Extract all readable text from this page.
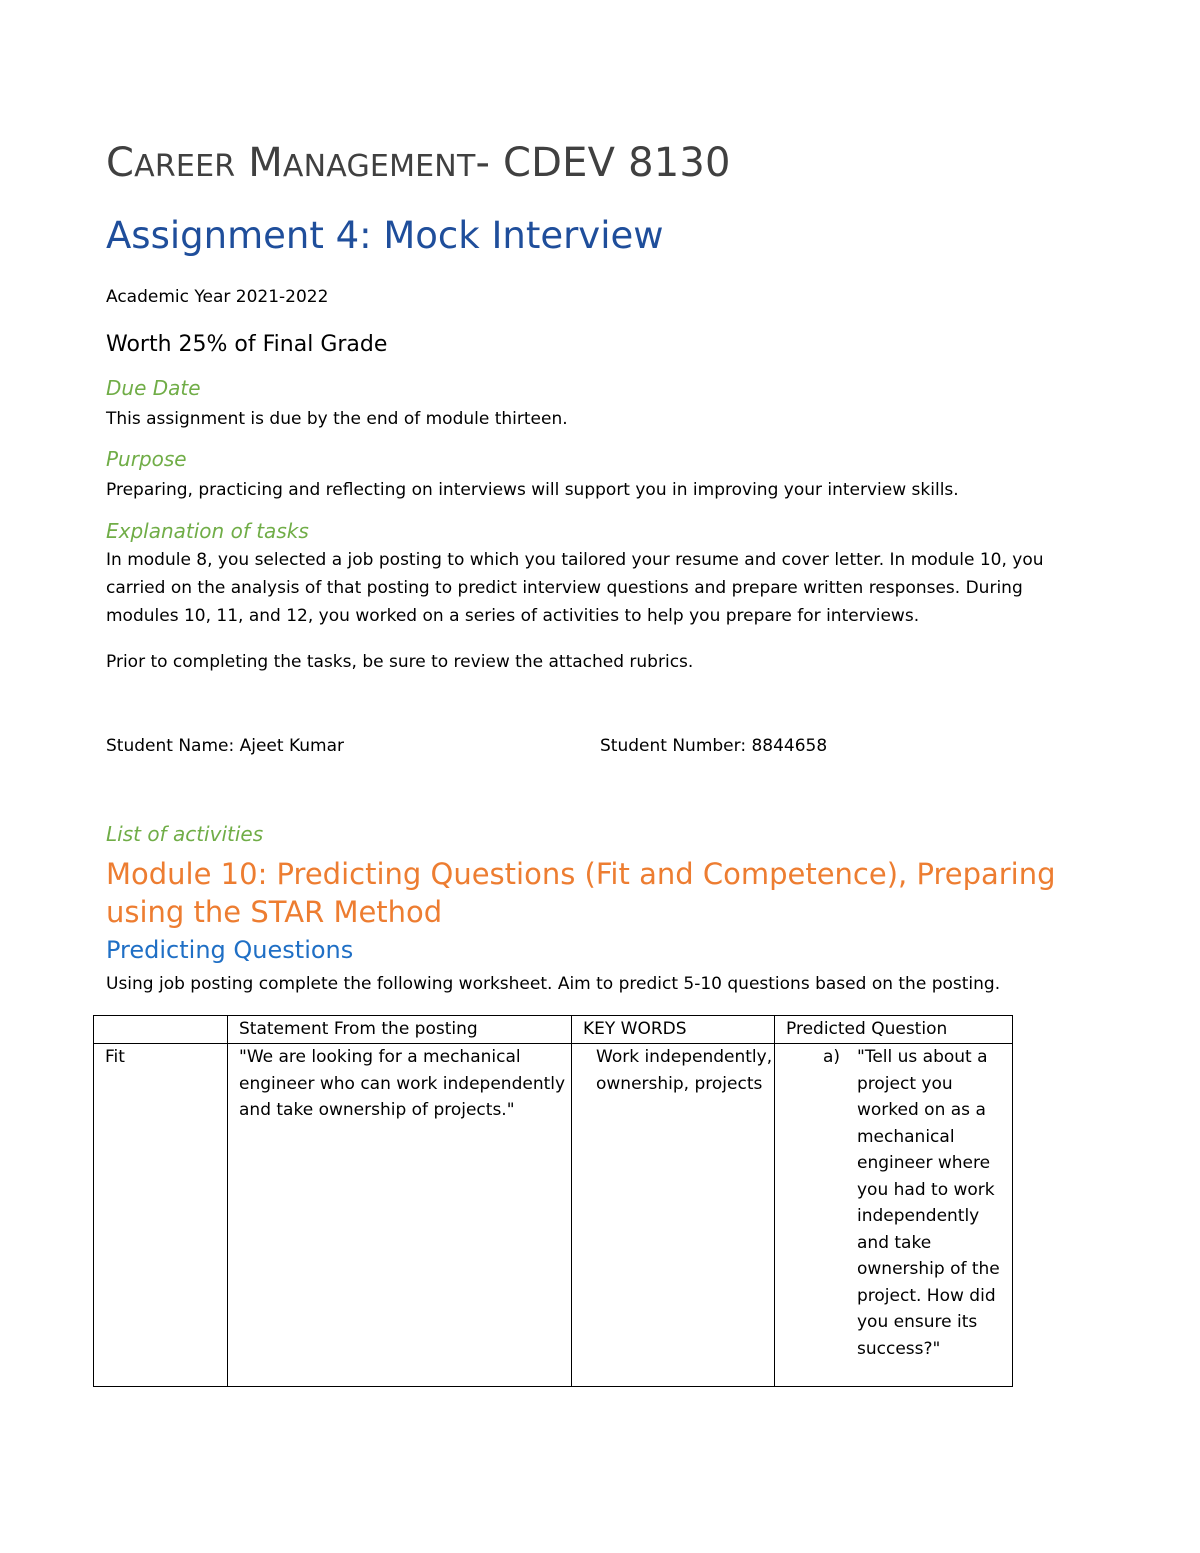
CAREER MANAGEMENT- CDEV 8130
Assignment 4: Mock Interview
Academic Year 2021-2022
Worth 25% of Final Grade
Due Date
This assignment is due by the end of module thirteen.
Purpose
Preparing, practicing and reflecting on interviews will support you in improving your interview skills.
Explanation of tasks
In module 8, you selected a job posting to which you tailored your resume and cover letter. In module 10, you carried on the analysis of that posting to predict interview questions and prepare written responses. During modules 10, 11, and 12, you worked on a series of activities to help you prepare for interviews.
Prior to completing the tasks, be sure to review the attached rubrics.
Student Name: Ajeet Kumar	Student Number: 8844658
List of activities
Module 10: Predicting Questions (Fit and Competence), Preparing using the STAR Method
Predicting Questions
Using job posting complete the following worksheet. Aim to predict 5-10 questions based on the posting.
	Statement From the posting	KEY WORDS	Predicted Question
Fit	"We are looking for a mechanical engineer who can work independently and take ownership of projects."	Work independently, ownership, projects	a) "Tell us about a project you worked on as a mechanical engineer where you had to work independently and take ownership of the project. How did you ensure its success?"
